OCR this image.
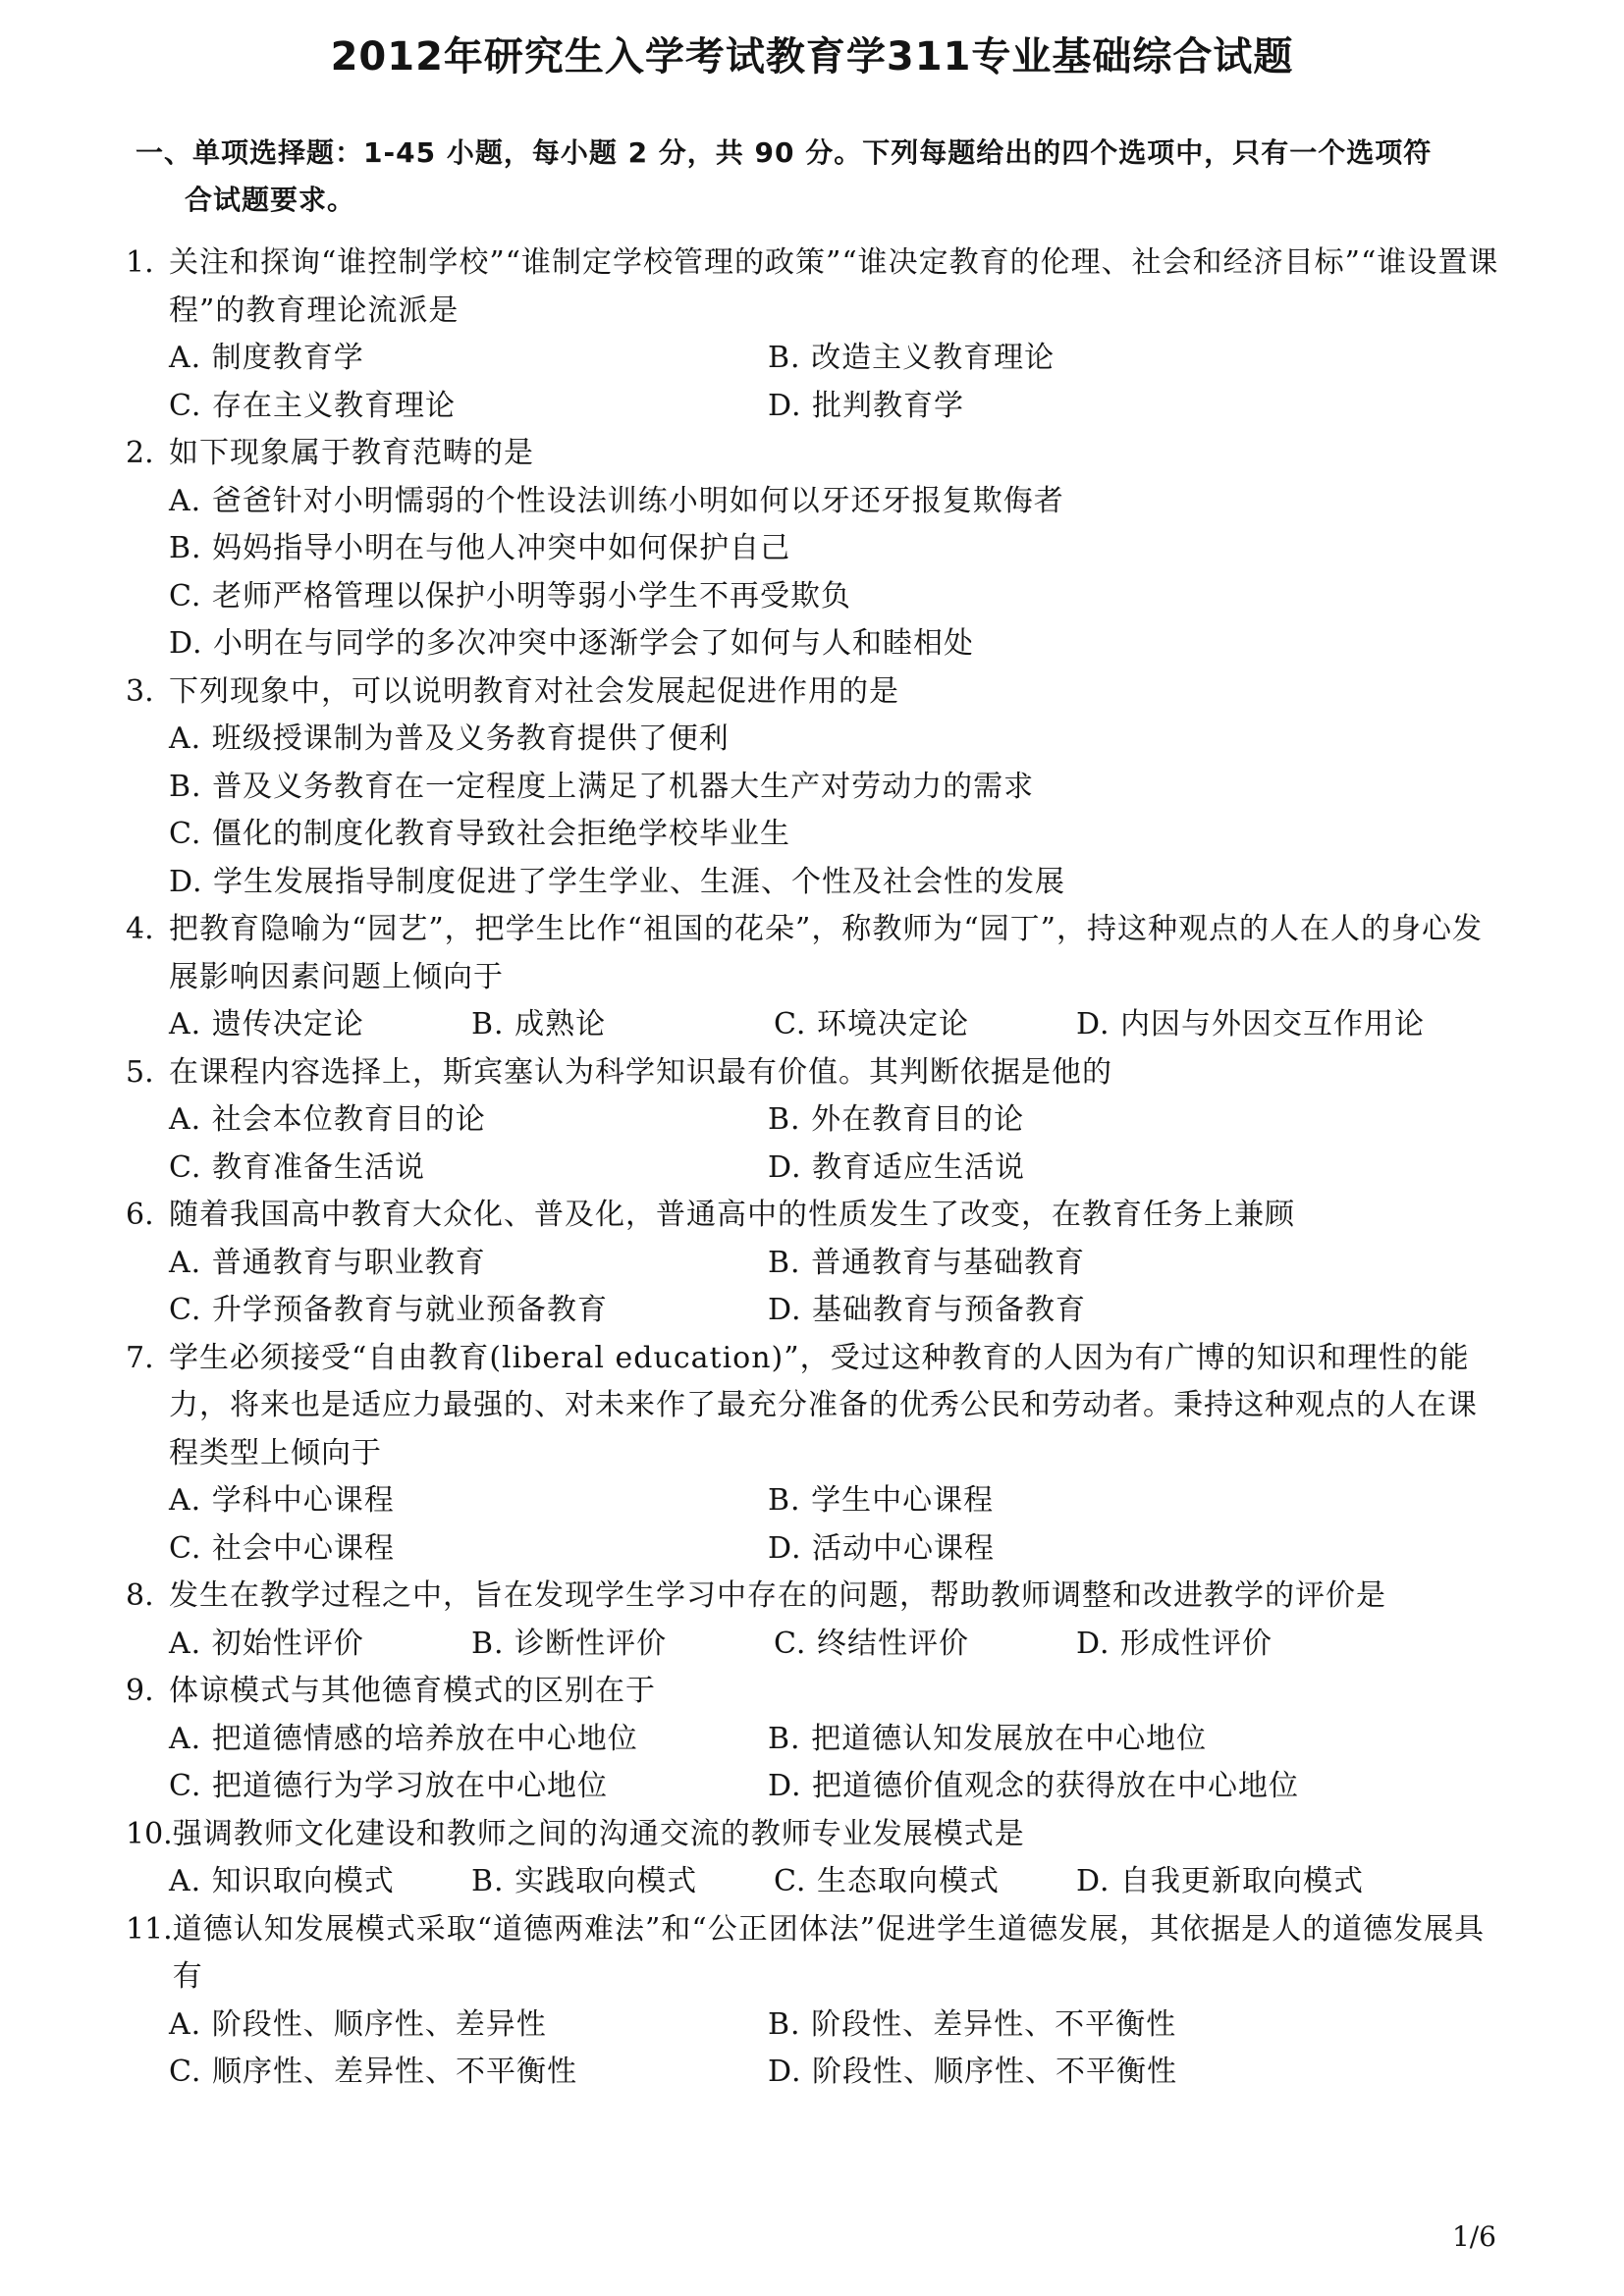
2012年研究生入学考试教育学311专业基础综合试题
一、单项选择题：1-45 小题，每小题 2 分，共 90 分。下列每题给出的四个选项中，只有一个选项符
合试题要求。
1. 关注和探询“谁控制学校”“谁制定学校管理的政策”“谁决定教育的伦理、社会和经济目标”“谁设置课程”的教育理论流派是
A. 制度教育学	B. 改造主义教育理论
C. 存在主义教育理论	D. 批判教育学
2. 如下现象属于教育范畴的是
A. 爸爸针对小明懦弱的个性设法训练小明如何以牙还牙报复欺侮者
B. 妈妈指导小明在与他人冲突中如何保护自己
C. 老师严格管理以保护小明等弱小学生不再受欺负
D. 小明在与同学的多次冲突中逐渐学会了如何与人和睦相处
3. 下列现象中，可以说明教育对社会发展起促进作用的是
A. 班级授课制为普及义务教育提供了便利
B. 普及义务教育在一定程度上满足了机器大生产对劳动力的需求
C. 僵化的制度化教育导致社会拒绝学校毕业生
D. 学生发展指导制度促进了学生学业、生涯、个性及社会性的发展
4. 把教育隐喻为“园艺”，把学生比作“祖国的花朵”，称教师为“园丁”，持这种观点的人在人的身心发展影响因素问题上倾向于
A. 遗传决定论	B. 成熟论	C. 环境决定论	D. 内因与外因交互作用论
5. 在课程内容选择上，斯宾塞认为科学知识最有价值。其判断依据是他的
A. 社会本位教育目的论	B. 外在教育目的论
C. 教育准备生活说	D. 教育适应生活说
6. 随着我国高中教育大众化、普及化，普通高中的性质发生了改变，在教育任务上兼顾
A. 普通教育与职业教育	B. 普通教育与基础教育
C. 升学预备教育与就业预备教育	D. 基础教育与预备教育
7. 学生必须接受“自由教育(liberal education)”，受过这种教育的人因为有广博的知识和理性的能力，将来也是适应力最强的、对未来作了最充分准备的优秀公民和劳动者。秉持这种观点的人在课程类型上倾向于
A. 学科中心课程	B. 学生中心课程
C. 社会中心课程	D. 活动中心课程
8. 发生在教学过程之中，旨在发现学生学习中存在的问题，帮助教师调整和改进教学的评价是
A. 初始性评价	B. 诊断性评价	C. 终结性评价	D. 形成性评价
9. 体谅模式与其他德育模式的区别在于
A. 把道德情感的培养放在中心地位	B. 把道德认知发展放在中心地位
C. 把道德行为学习放在中心地位	D. 把道德价值观念的获得放在中心地位
10. 强调教师文化建设和教师之间的沟通交流的教师专业发展模式是
A. 知识取向模式	B. 实践取向模式	C. 生态取向模式	D. 自我更新取向模式
11. 道德认知发展模式采取“道德两难法”和“公正团体法”促进学生道德发展，其依据是人的道德发展具有
A. 阶段性、顺序性、差异性	B. 阶段性、差异性、不平衡性
C. 顺序性、差异性、不平衡性	D. 阶段性、顺序性、不平衡性
1/6
